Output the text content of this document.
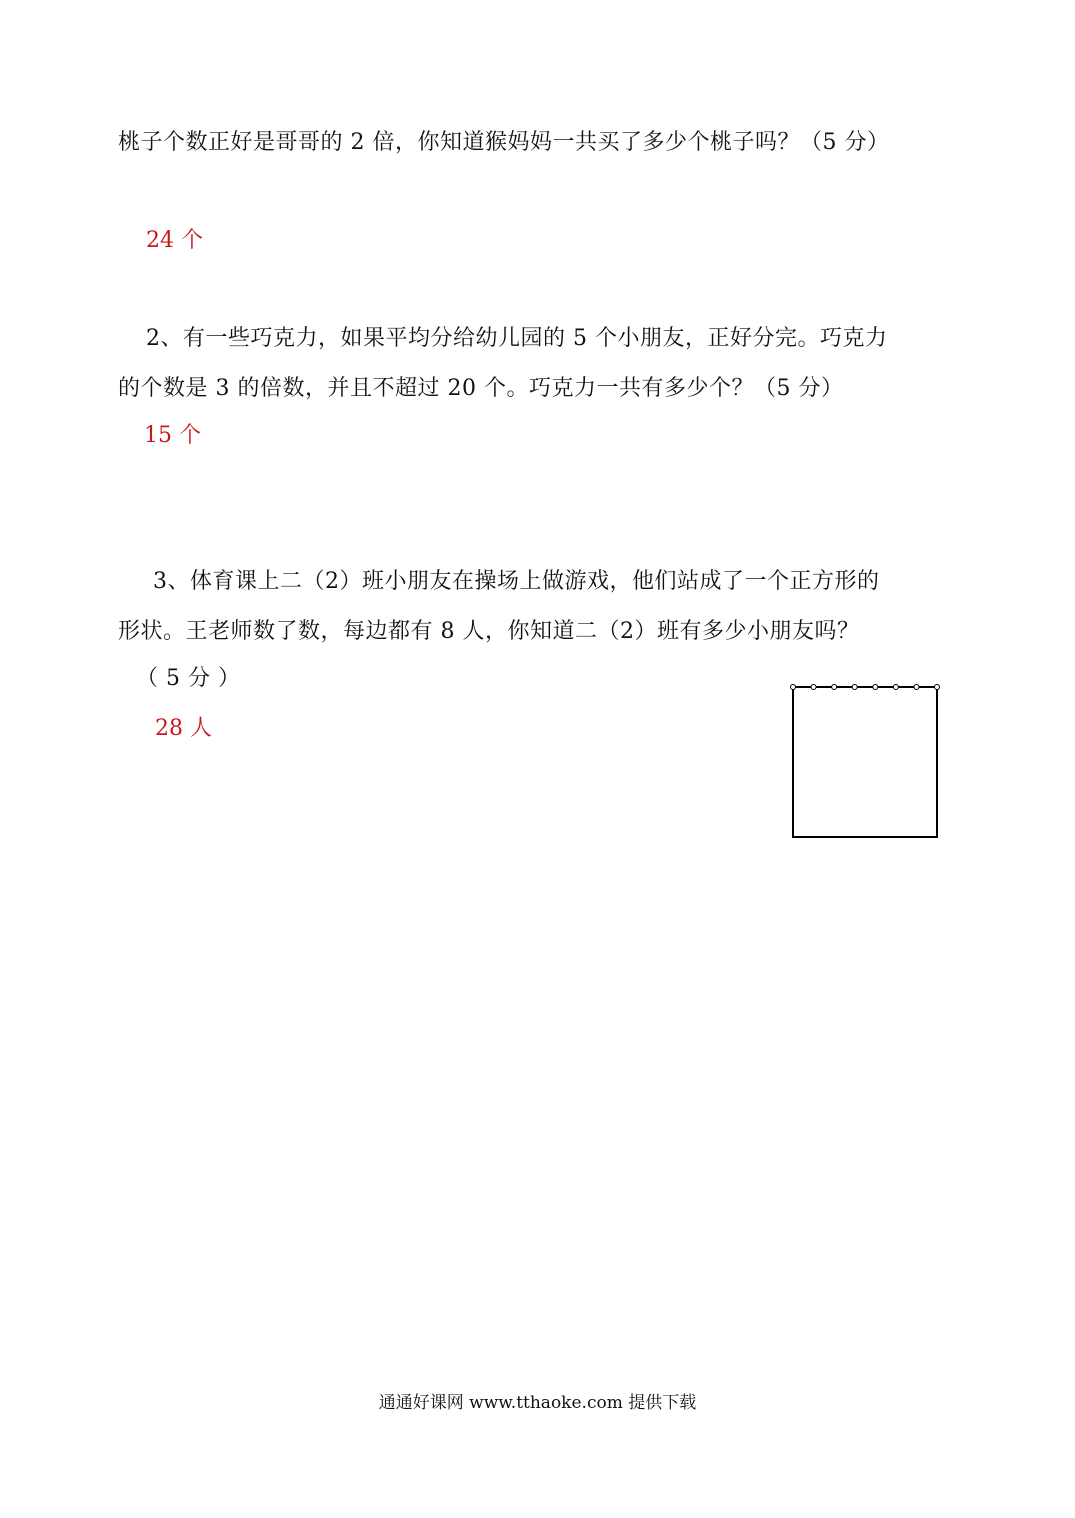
桃子个数正好是哥哥的 2 倍，你知道猴妈妈一共买了多少个桃子吗？（5 分）
24 个
2、有一些巧克力，如果平均分给幼儿园的 5 个小朋友，正好分完。巧克力
的个数是 3 的倍数，并且不超过 20 个。巧克力一共有多少个？（5 分）
15 个
3、体育课上二（2）班小朋友在操场上做游戏，他们站成了一个正方形的
形状。王老师数了数，每边都有 8 人，你知道二（2）班有多少小朋友吗？
（ 5 分 ）
28 人
通通好课网 www.tthaoke.com 提供下载
